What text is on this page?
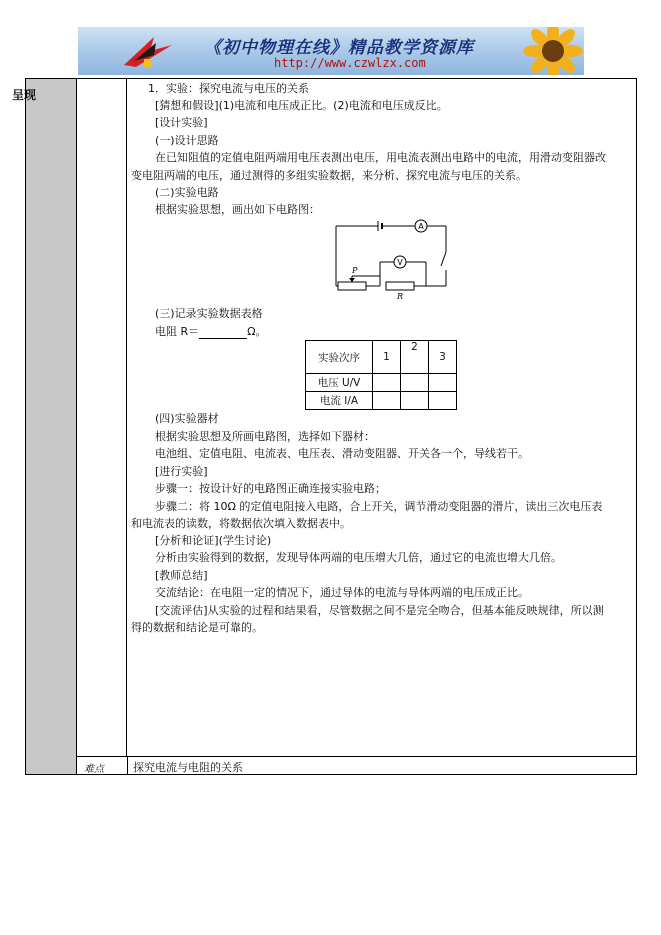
《初中物理在线》精品教学资源库
http://www.czwlzx.com
呈现
难点	探究电流与电阻的关系
1．实验：探究电流与电压的关系
[猜想和假设](1)电流和电压成正比。(2)电流和电压成反比。
[设计实验]
(一)设计思路
在已知阻值的定值电阻两端用电压表测出电压，用电流表测出电路中的电流，用滑动变阻器改
变电阻两端的电压，通过测得的多组实验数据，来分析、探究电流与电压的关系。
(二)实验电路
根据实验思想，画出如下电路图：
A
V
P
R
(三)记录实验数据表格
电阻 R＝	Ω。
实验次序	1	2	3
电压 U/V			
电流 I/A			
(四)实验器材
根据实验思想及所画电路图，选择如下器材：
电池组、定值电阻、电流表、电压表、滑动变阻器、开关各一个，导线若干。
[进行实验]
步骤一：按设计好的电路图正确连接实验电路；
步骤二：将 10Ω 的定值电阻接入电路，合上开关，调节滑动变阻器的滑片，读出三次电压表
和电流表的读数，将数据依次填入数据表中。
[分析和论证](学生讨论)
分析由实验得到的数据，发现导体两端的电压增大几倍，通过它的电流也增大几倍。
[教师总结]
交流结论：在电阻一定的情况下，通过导体的电流与导体两端的电压成正比。
[交流评估]从实验的过程和结果看，尽管数据之间不是完全吻合，但基本能反映规律，所以测
得的数据和结论是可靠的。
